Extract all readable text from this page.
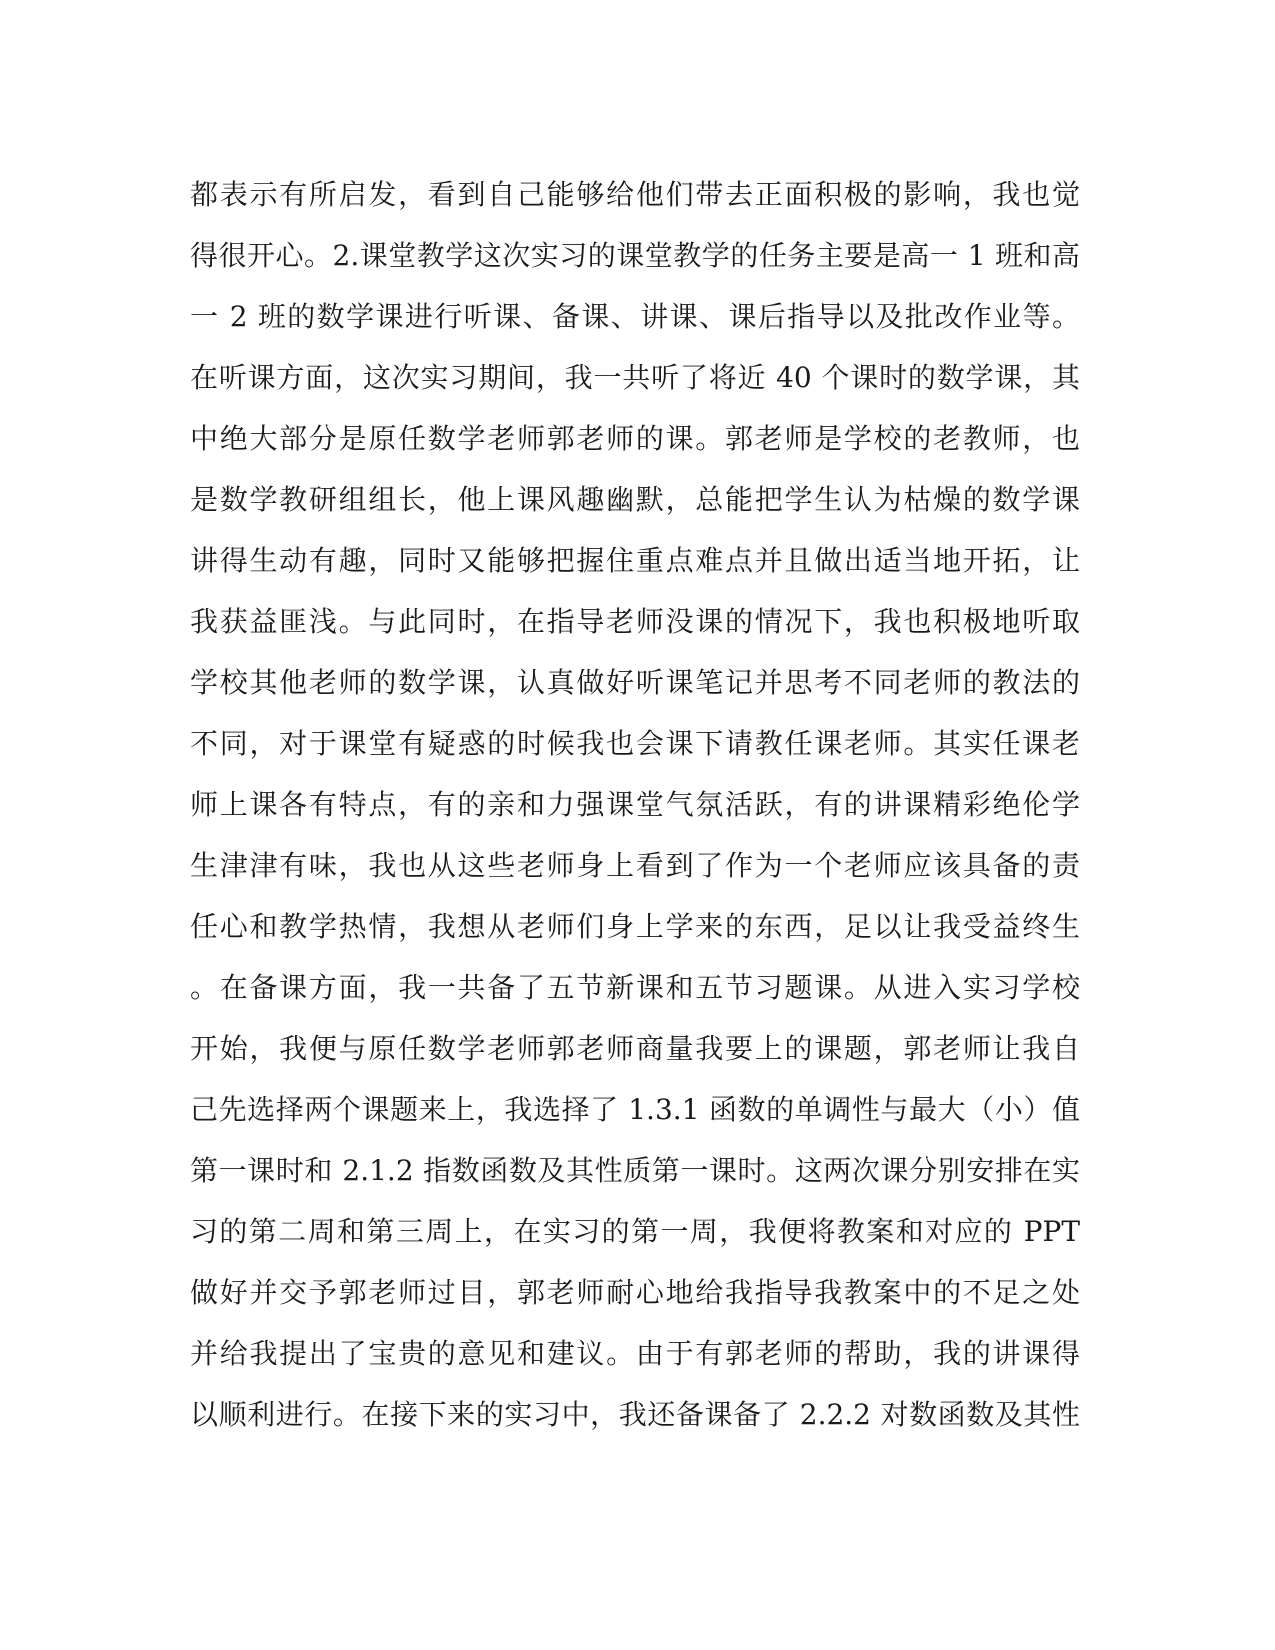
都表示有所启发，看到自己能够给他们带去正面积极的影响，我也觉
得很开心。2.课堂教学这次实习的课堂教学的任务主要是高一 1 班和高
一 2 班的数学课进行听课、备课、讲课、课后指导以及批改作业等。
在听课方面，这次实习期间，我一共听了将近 40 个课时的数学课，其
中绝大部分是原任数学老师郭老师的课。郭老师是学校的老教师，也
是数学教研组组长，他上课风趣幽默，总能把学生认为枯燥的数学课
讲得生动有趣，同时又能够把握住重点难点并且做出适当地开拓，让
我获益匪浅。与此同时，在指导老师没课的情况下，我也积极地听取
学校其他老师的数学课，认真做好听课笔记并思考不同老师的教法的
不同，对于课堂有疑惑的时候我也会课下请教任课老师。其实任课老
师上课各有特点，有的亲和力强课堂气氛活跃，有的讲课精彩绝伦学
生津津有味，我也从这些老师身上看到了作为一个老师应该具备的责
任心和教学热情，我想从老师们身上学来的东西，足以让我受益终生
。在备课方面，我一共备了五节新课和五节习题课。从进入实习学校
开始，我便与原任数学老师郭老师商量我要上的课题，郭老师让我自
己先选择两个课题来上，我选择了 1.3.1 函数的单调性与最大（小）值
第一课时和 2.1.2 指数函数及其性质第一课时。这两次课分别安排在实
习的第二周和第三周上，在实习的第一周，我便将教案和对应的 PPT
做好并交予郭老师过目，郭老师耐心地给我指导我教案中的不足之处
并给我提出了宝贵的意见和建议。由于有郭老师的帮助，我的讲课得
以顺利进行。在接下来的实习中，我还备课备了 2.2.2 对数函数及其性
